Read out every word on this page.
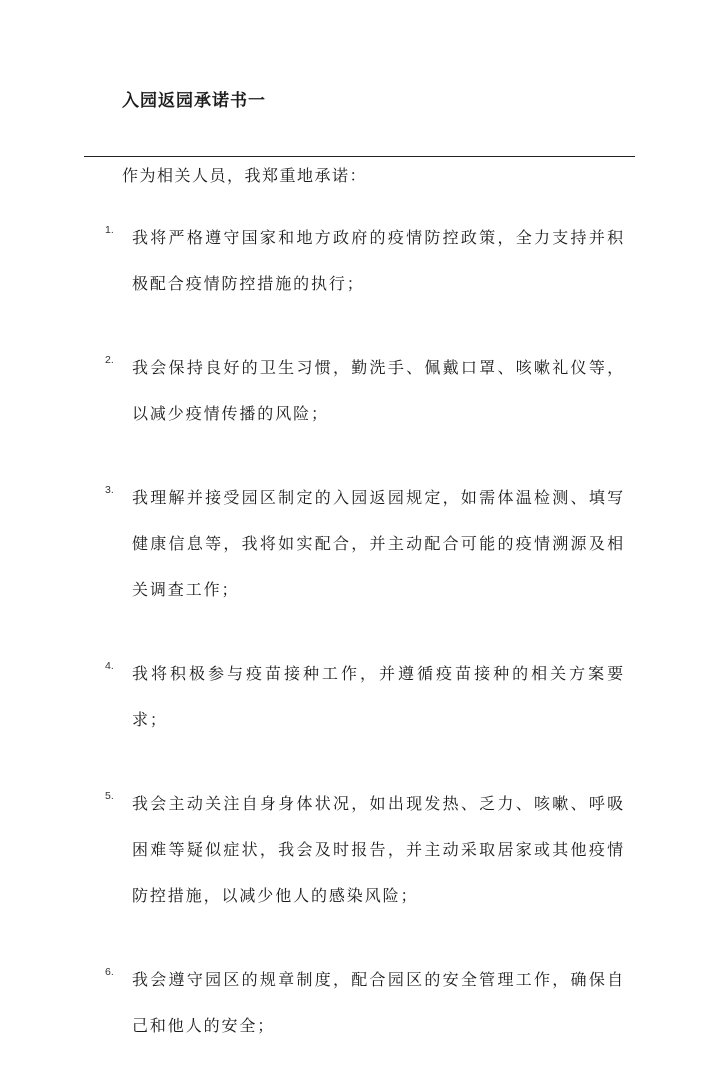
入园返园承诺书一
作为相关人员，我郑重地承诺：
1. 我将严格遵守国家和地方政府的疫情防控政策，全力支持并积极配合疫情防控措施的执行；
2. 我会保持良好的卫生习惯，勤洗手、佩戴口罩、咳嗽礼仪等，以减少疫情传播的风险；
3. 我理解并接受园区制定的入园返园规定，如需体温检测、填写健康信息等，我将如实配合，并主动配合可能的疫情溯源及相关调查工作；
4. 我将积极参与疫苗接种工作，并遵循疫苗接种的相关方案要求；
5. 我会主动关注自身身体状况，如出现发热、乏力、咳嗽、呼吸困难等疑似症状，我会及时报告，并主动采取居家或其他疫情防控措施，以减少他人的感染风险；
6. 我会遵守园区的规章制度，配合园区的安全管理工作，确保自己和他人的安全；
